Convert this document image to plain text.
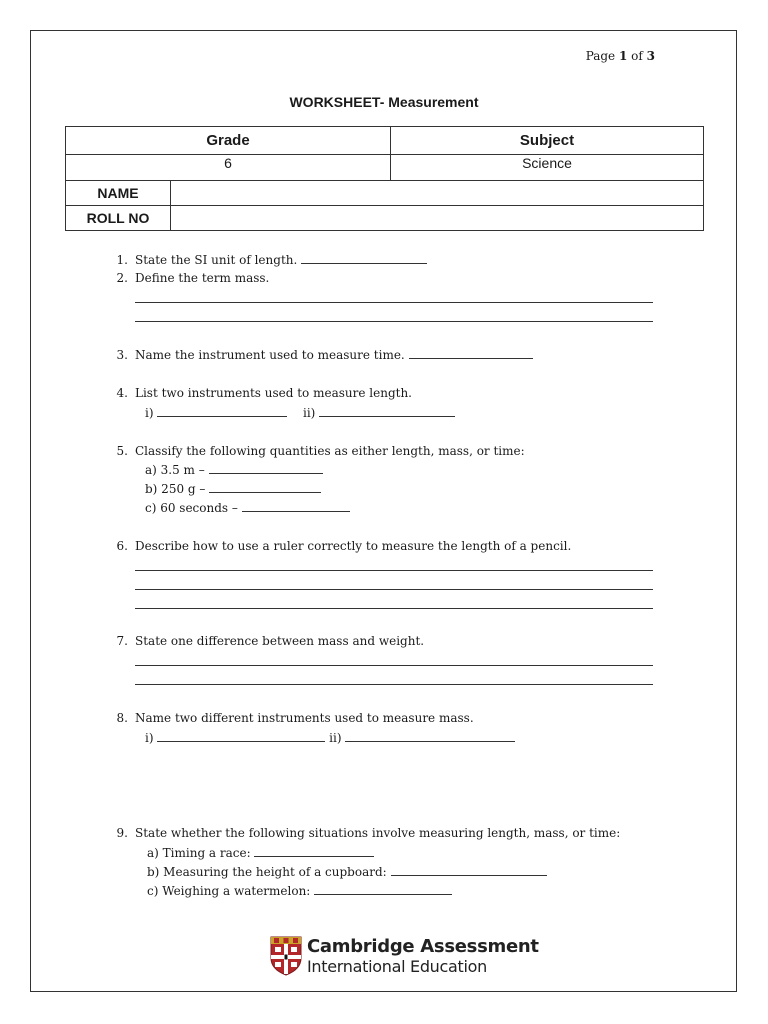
Page 1 of 3
WORKSHEET- Measurement
Grade	Subject
6	Science
NAME	
ROLL NO	
1. State the SI unit of length.
2. Define the term mass.
3. Name the instrument used to measure time.
4. List two instruments used to measure length.
i)	ii)
5. Classify the following quantities as either length, mass, or time:
a) 3.5 m –
b) 250 g –
c) 60 seconds –
6. Describe how to use a ruler correctly to measure the length of a pencil.
7. State one difference between mass and weight.
8. Name two different instruments used to measure mass.
i)	ii)
9. State whether the following situations involve measuring length, mass, or time:
a) Timing a race:
b) Measuring the height of a cupboard:
c) Weighing a watermelon:
Cambridge Assessment
International Education
